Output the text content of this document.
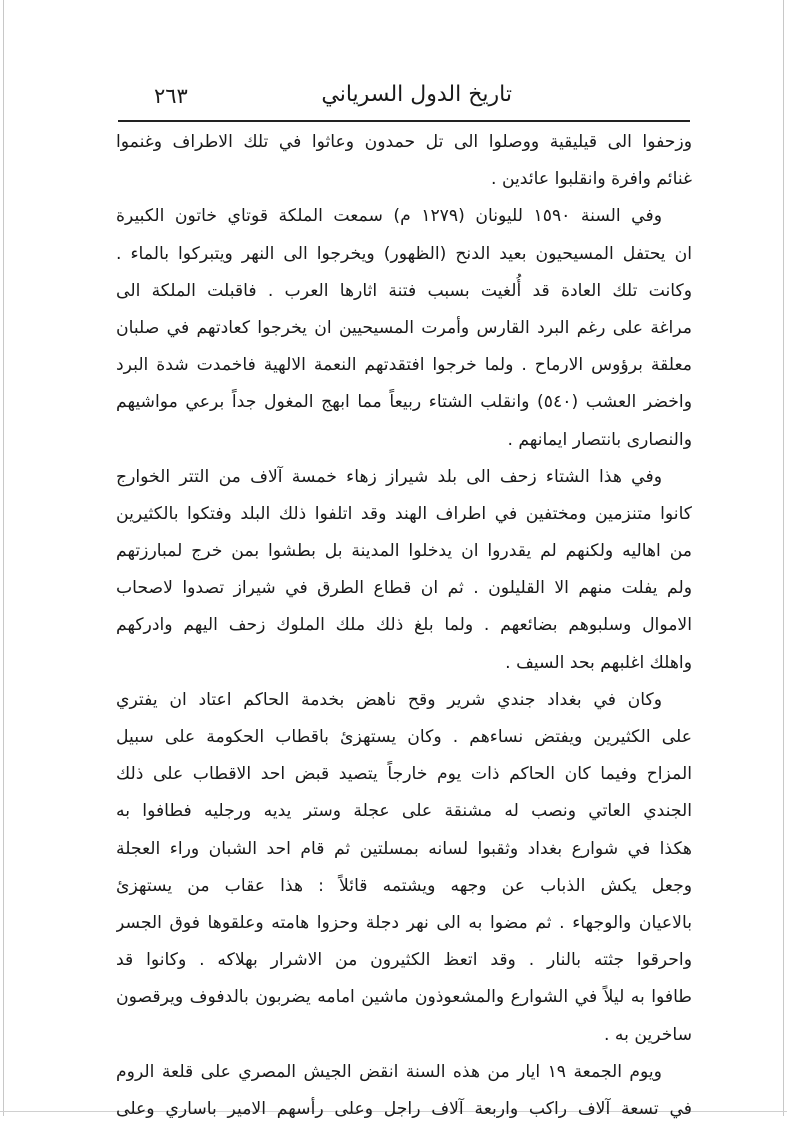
تاريخ الدول السرياني
٢٦٣
وزحفوا الى قيليقية ووصلوا الى تل حمدون وعاثوا في تلك الاطراف وغنموا
غنائم وافرة وانقلبوا عائدين .
وفي السنة ١٥٩٠ لليونان (١٢٧٩ م) سمعت الملكة قوتاي خاتون الكبيرة
ان يحتفل المسيحيون بعيد الدنح (الظهور) ويخرجوا الى النهر ويتبركوا بالماء .
وكانت تلك العادة قد أُلغيت بسبب فتنة اثارها العرب . فاقبلت الملكة الى
مراغة على رغم البرد القارس وأمرت المسيحيين ان يخرجوا كعادتهم في صلبان
معلقة برؤوس الارماح . ولما خرجوا افتقدتهم النعمة الالهية فاخمدت شدة البرد
واخضر العشب (٥٤٠) وانقلب الشتاء ربيعاً مما ابهج المغول جداً برعي مواشيهم
والنصارى بانتصار ايمانهم .
وفي هذا الشتاء زحف الى بلد شيراز زهاء خمسة آلاف من التتر الخوارج
كانوا متنزمين ومختفين في اطراف الهند وقد اتلفوا ذلك البلد وفتكوا بالكثيرين
من اهاليه ولكنهم لم يقدروا ان يدخلوا المدينة بل بطشوا بمن خرج لمبارزتهم
ولم يفلت منهم الا القليلون . ثم ان قطاع الطرق في شيراز تصدوا لاصحاب
الاموال وسلبوهم بضائعهم . ولما بلغ ذلك ملك الملوك زحف اليهم وادركهم
واهلك اغلبهم بحد السيف .
وكان في بغداد جندي شرير وقح ناهض بخدمة الحاكم اعتاد ان يفتري
على الكثيرين ويفتض نساءهم . وكان يستهزئ باقطاب الحكومة على سبيل
المزاح وفيما كان الحاكم ذات يوم خارجاً يتصيد قبض احد الاقطاب على ذلك
الجندي العاتي ونصب له مشنقة على عجلة وستر يديه ورجليه فطافوا به
هكذا في شوارع بغداد وثقبوا لسانه بمسلتين ثم قام احد الشبان وراء العجلة
وجعل يكش الذباب عن وجهه ويشتمه قائلاً : هذا عقاب من يستهزئ
بالاعيان والوجهاء . ثم مضوا به الى نهر دجلة وحزوا هامته وعلقوها فوق الجسر
واحرقوا جثته بالنار . وقد اتعظ الكثيرون من الاشرار بهلاكه . وكانوا قد
طافوا به ليلاً في الشوارع والمشعوذون ماشين امامه يضربون بالدفوف ويرقصون
ساخرين به .
ويوم الجمعة ١٩ ايار من هذه السنة انقض الجيش المصري على قلعة الروم
في تسعة آلاف راكب واربعة آلاف راجل وعلى رأسهم الامير باساري وعلى
